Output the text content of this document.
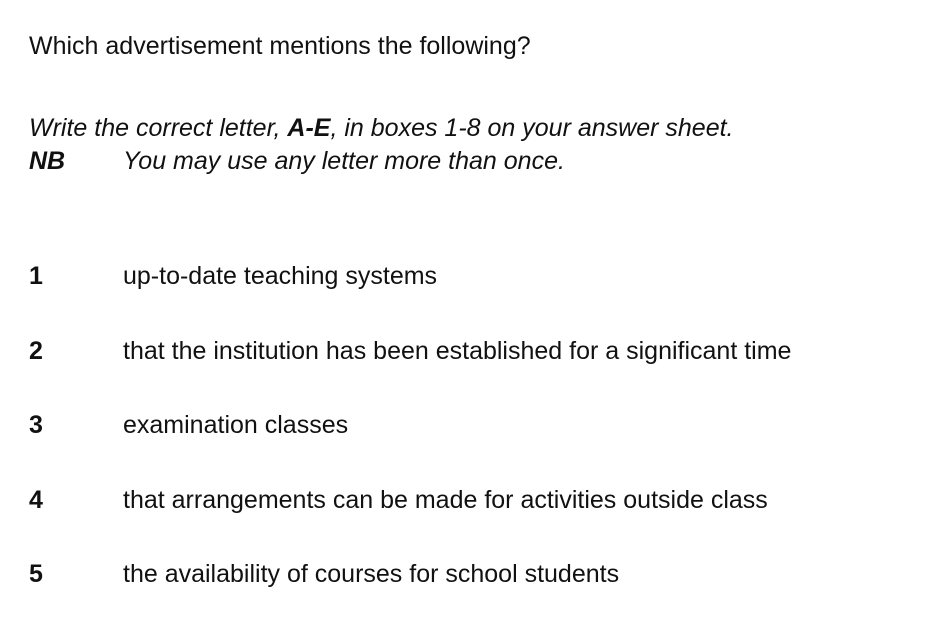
Which advertisement mentions the following?
Write the correct letter, A-E, in boxes 1-8 on your answer sheet.
NB You may use any letter more than once.
1	up-to-date teaching systems
2	that the institution has been established for a significant time
3	examination classes
4	that arrangements can be made for activities outside class
5	the availability of courses for school students
